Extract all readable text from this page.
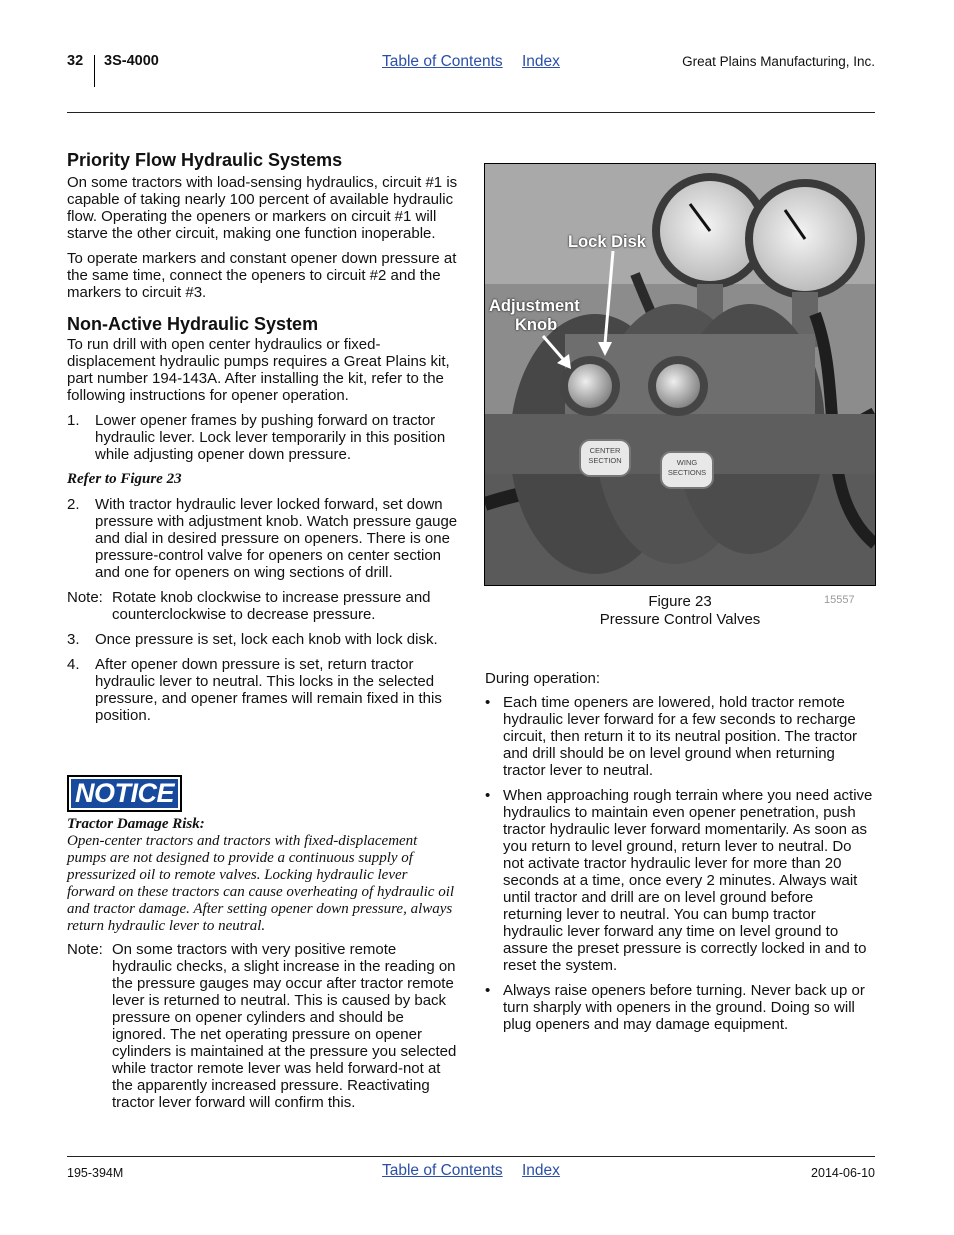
32 3S-4000	Table of Contents Index	Great Plains Manufacturing, Inc.
Priority Flow Hydraulic Systems

On some tractors with load-sensing hydraulics, circuit #1 is capable of taking nearly 100 percent of available hydraulic flow. Operating the openers or markers on circuit #1 will starve the other circuit, making one function inoperable.

To operate markers and constant opener down pressure at the same time, connect the openers to circuit #2 and the markers to circuit #3.

Non-Active Hydraulic System

To run drill with open center hydraulics or fixed-displacement hydraulic pumps requires a Great Plains kit, part number 194-143A. After installing the kit, refer to the following instructions for opener operation.

1. Lower opener frames by pushing forward on tractor hydraulic lever. Lock lever temporarily in this position while adjusting opener down pressure.
Refer to Figure 23
2. With tractor hydraulic lever locked forward, set down pressure with adjustment knob. Watch pressure gauge and dial in desired pressure on openers. There is one pressure-control valve for openers on center section and one for openers on wing sections of drill.
Note: Rotate knob clockwise to increase pressure and counterclockwise to decrease pressure.
3. Once pressure is set, lock each knob with lock disk.
4. After opener down pressure is set, return tractor hydraulic lever to neutral. This locks in the selected pressure, and opener frames will remain fixed in this position.
NOTICE
Tractor Damage Risk:
Open-center tractors and tractors with fixed-displacement pumps are not designed to provide a continuous supply of pressurized oil to remote valves. Locking hydraulic lever forward on these tractors can cause overheating of hydraulic oil and tractor damage. After setting opener down pressure, always return hydraulic lever to neutral.
Note: On some tractors with very positive remote hydraulic checks, a slight increase in the reading on the pressure gauges may occur after tractor remote lever is returned to neutral. This is caused by back pressure on opener cylinders and should be ignored. The net operating pressure on opener cylinders is maintained at the pressure you selected while tractor remote lever was held forward-not at the apparently increased pressure. Reactivating tractor lever forward will confirm this.
Lock Disk
Adjustment
Knob
CENTER
SECTION	WING
SECTIONS
Figure 23
Pressure Control Valves
15557

During operation:

• Each time openers are lowered, hold tractor remote hydraulic lever forward for a few seconds to recharge circuit, then return it to its neutral position. The tractor and drill should be on level ground when returning tractor lever to neutral.
• When approaching rough terrain where you need active hydraulics to maintain even opener penetration, push tractor hydraulic lever forward momentarily. As soon as you return to level ground, return lever to neutral. Do not activate tractor hydraulic lever for more than 20 seconds at a time, once every 2 minutes. Always wait until tractor and drill are on level ground before returning lever to neutral. You can bump tractor hydraulic lever forward any time on level ground to assure the preset pressure is correctly locked in and to reset the system.
• Always raise openers before turning. Never back up or turn sharply with openers in the ground. Doing so will plug openers and may damage equipment.
195-394M	Table of Contents Index	2014-06-10
